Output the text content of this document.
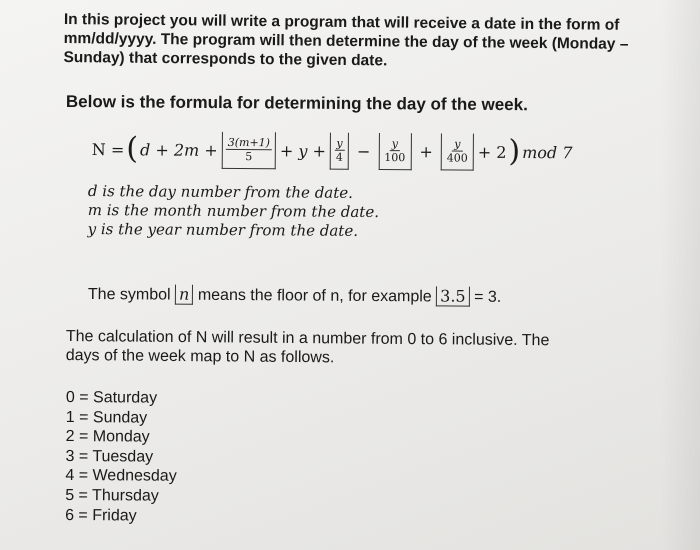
In this project you will write a program that will receive a date in the form of
mm/dd/yyyy. The program will then determine the day of the week (Monday –
Sunday) that corresponds to the given date.
Below is the formula for determining the day of the week.
N = ( $d + 2m + \frac{3(m+1)}{5} + y + \frac{y}{4} - \frac{y}{100} + \frac{y}{400} + 2$ ) mod 7
d is the day number from the date.
m is the month number from the date.
y is the year number from the date.
The symbol n means the floor of n, for example 3.5 = 3.
The calculation of N will result in a number from 0 to 6 inclusive. The
days of the week map to N as follows.
0 = Saturday
1 = Sunday
2 = Monday
3 = Tuesday
4 = Wednesday
5 = Thursday
6 = Friday
